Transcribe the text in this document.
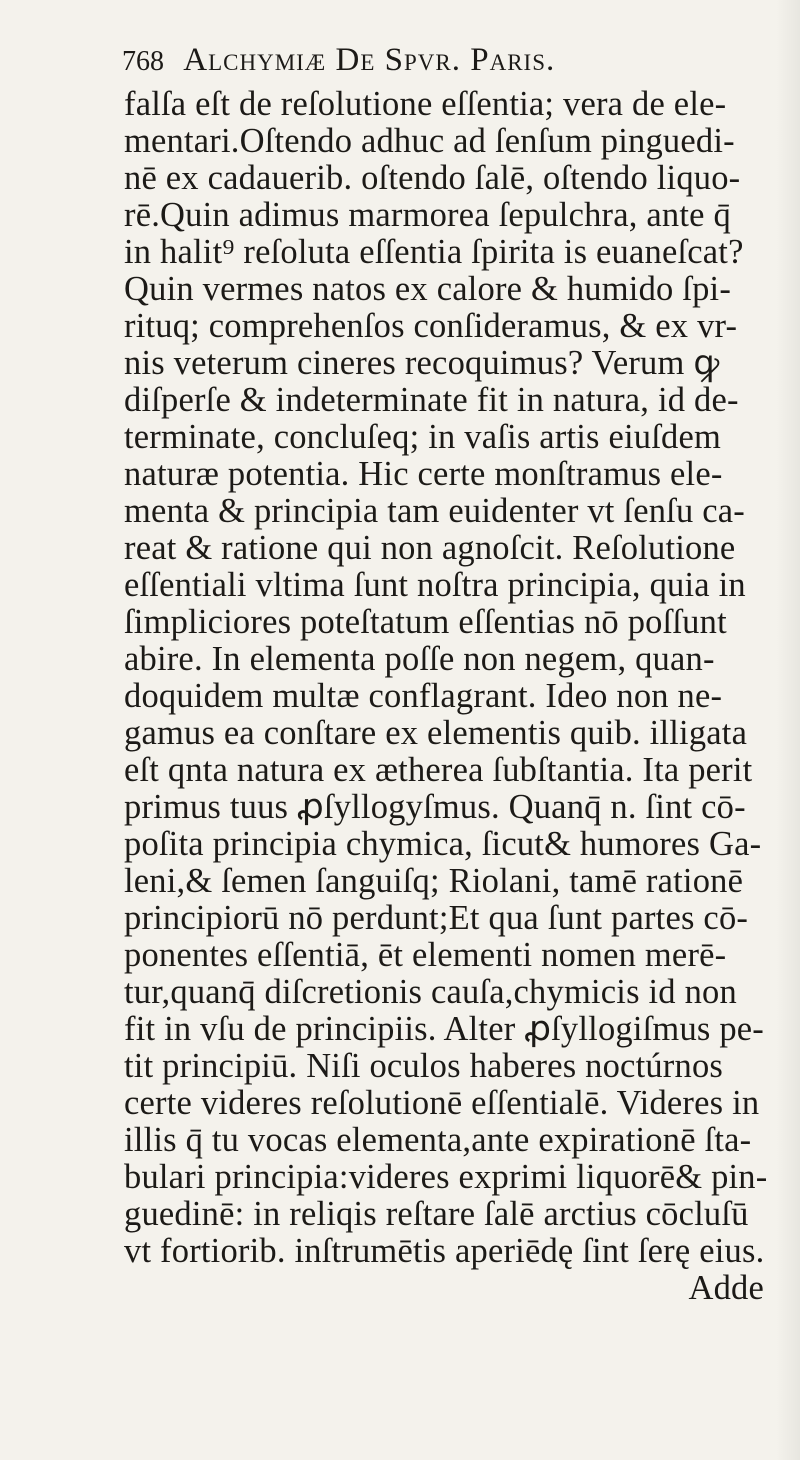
768 Alchymiæ De Spvr. Paris.
falſa eſt de reſolutione eſſentia; vera de ele-
mentari.Oſtendo adhuc ad ſenſum pinguedi-
nē ex cadauerib. oſtendo ſalē, oſtendo liquo-
rē.Quin adimus marmorea ſepulchra, ante q̄
in halit⁹ reſoluta eſſentia ſpirita is euaneſcat?
Quin vermes natos ex calore & humido ſpi-
rituq; comprehenſos conſideramus, & ex vr-
nis veterum cineres recoquimus? Verum ꝙ
diſperſe & indeterminate fit in natura, id de-
terminate, concluſeq; in vaſis artis eiuſdem
naturæ potentia. Hic certe monſtramus ele-
menta & principia tam euidenter vt ſenſu ca-
reat & ratione qui non agnoſcit. Reſolutione
eſſentiali vltima ſunt noſtra principia, quia in
ſimpliciores poteſtatum eſſentias nō poſſunt
abire. In elementa poſſe non negem, quan-
doquidem multæ conflagrant. Ideo non ne-
gamus ea conſtare ex elementis quib. illigata
eſt qnta natura ex ætherea ſubſtantia. Ita perit
primus tuus ꝓſyllogyſmus. Quanq̄ n. ſint cō-
poſita principia chymica, ſicut& humores Ga-
leni,& ſemen ſanguiſq; Riolani, tamē rationē
principiorū nō perdunt;Et qua ſunt partes cō-
ponentes eſſentiā, ēt elementi nomen merē-
tur,quanq̄ diſcretionis cauſa,chymicis id non
fit in vſu de principiis. Alter ꝓſyllogiſmus pe-
tit principiū. Niſi oculos haberes noctúrnos
certe videres reſolutionē eſſentialē. Videres in
illis q̄ tu vocas elementa,ante expirationē ſta-
bulari principia:videres exprimi liquorē& pin-
guedinē: in reliqis reſtare ſalē arctius cōcluſū
vt fortiorib. inſtrumētis aperiēdę ſint ſerę eius.
Adde
